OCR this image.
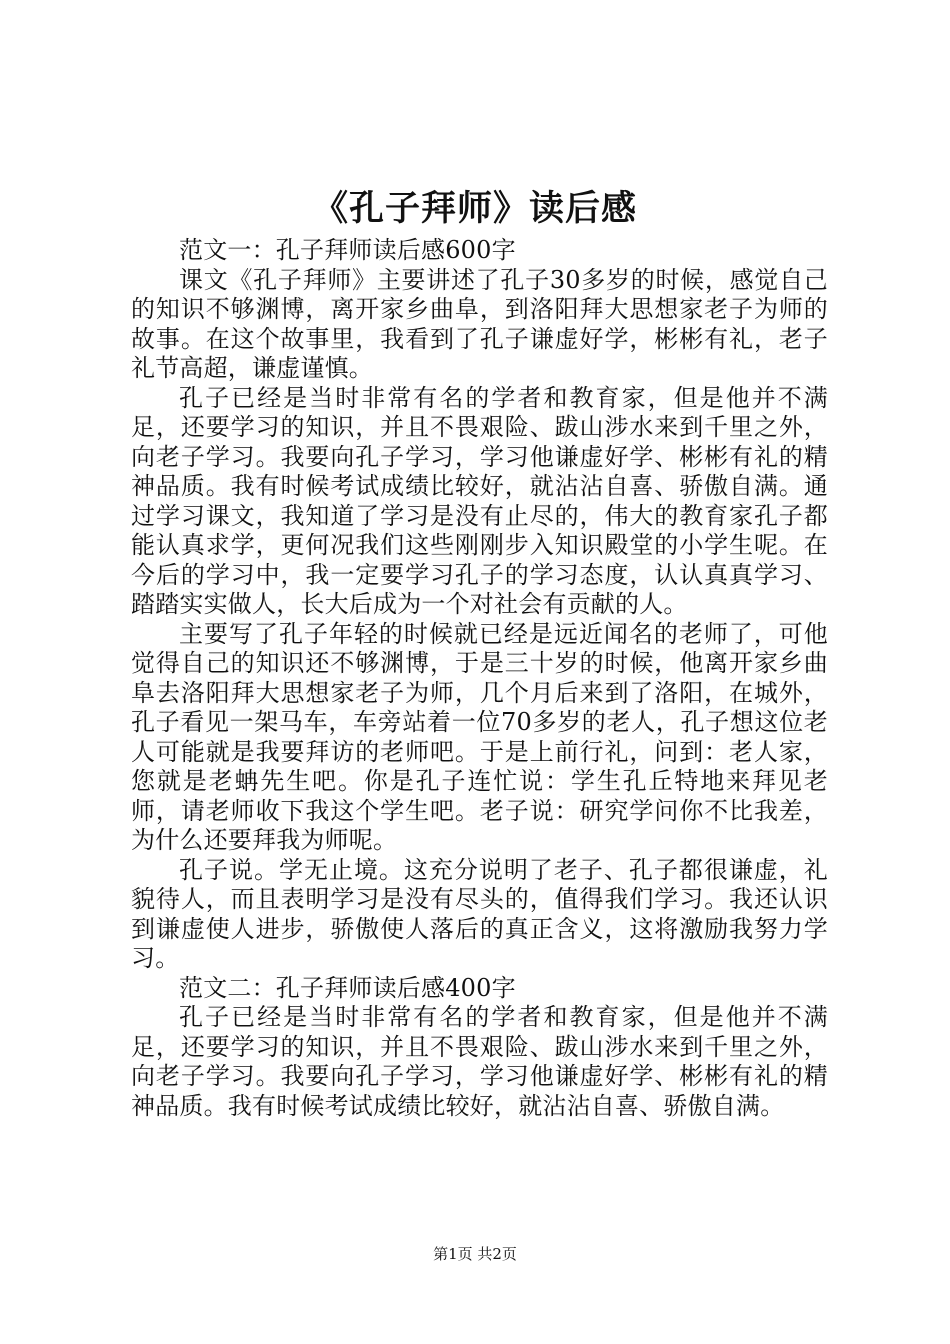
《孔子拜师》读后感

范文一：孔子拜师读后感600字

课文《孔子拜师》主要讲述了孔子30多岁的时候，感觉自己的知识不够渊博，离开家乡曲阜，到洛阳拜大思想家老子为师的故事。在这个故事里，我看到了孔子谦虚好学，彬彬有礼，老子礼节高超，谦虚谨慎。

孔子已经是当时非常有名的学者和教育家，但是他并不满足，还要学习的知识，并且不畏艰险、跋山涉水来到千里之外，向老子学习。我要向孔子学习，学习他谦虚好学、彬彬有礼的精神品质。我有时候考试成绩比较好，就沾沾自喜、骄傲自满。通过学习课文，我知道了学习是没有止尽的，伟大的教育家孔子都能认真求学，更何况我们这些刚刚步入知识殿堂的小学生呢。在今后的学习中，我一定要学习孔子的学习态度，认认真真学习、踏踏实实做人，长大后成为一个对社会有贡献的人。

主要写了孔子年轻的时候就已经是远近闻名的老师了，可他觉得自己的知识还不够渊博，于是三十岁的时候，他离开家乡曲阜去洛阳拜大思想家老子为师，几个月后来到了洛阳，在城外，孔子看见一架马车，车旁站着一位70多岁的老人，孔子想这位老人可能就是我要拜访的老师吧。于是上前行礼，问到：老人家，您就是老蚺先生吧。你是孔子连忙说：学生孔丘特地来拜见老师，请老师收下我这个学生吧。老子说：研究学问你不比我差，为什么还要拜我为师呢。

孔子说。学无止境。这充分说明了老子、孔子都很谦虚，礼貌待人，而且表明学习是没有尽头的，值得我们学习。我还认识到谦虚使人进步，骄傲使人落后的真正含义，这将激励我努力学习。

范文二：孔子拜师读后感400字

孔子已经是当时非常有名的学者和教育家，但是他并不满足，还要学习的知识，并且不畏艰险、跋山涉水来到千里之外，向老子学习。我要向孔子学习，学习他谦虚好学、彬彬有礼的精神品质。我有时候考试成绩比较好，就沾沾自喜、骄傲自满。

第1页 共2页
